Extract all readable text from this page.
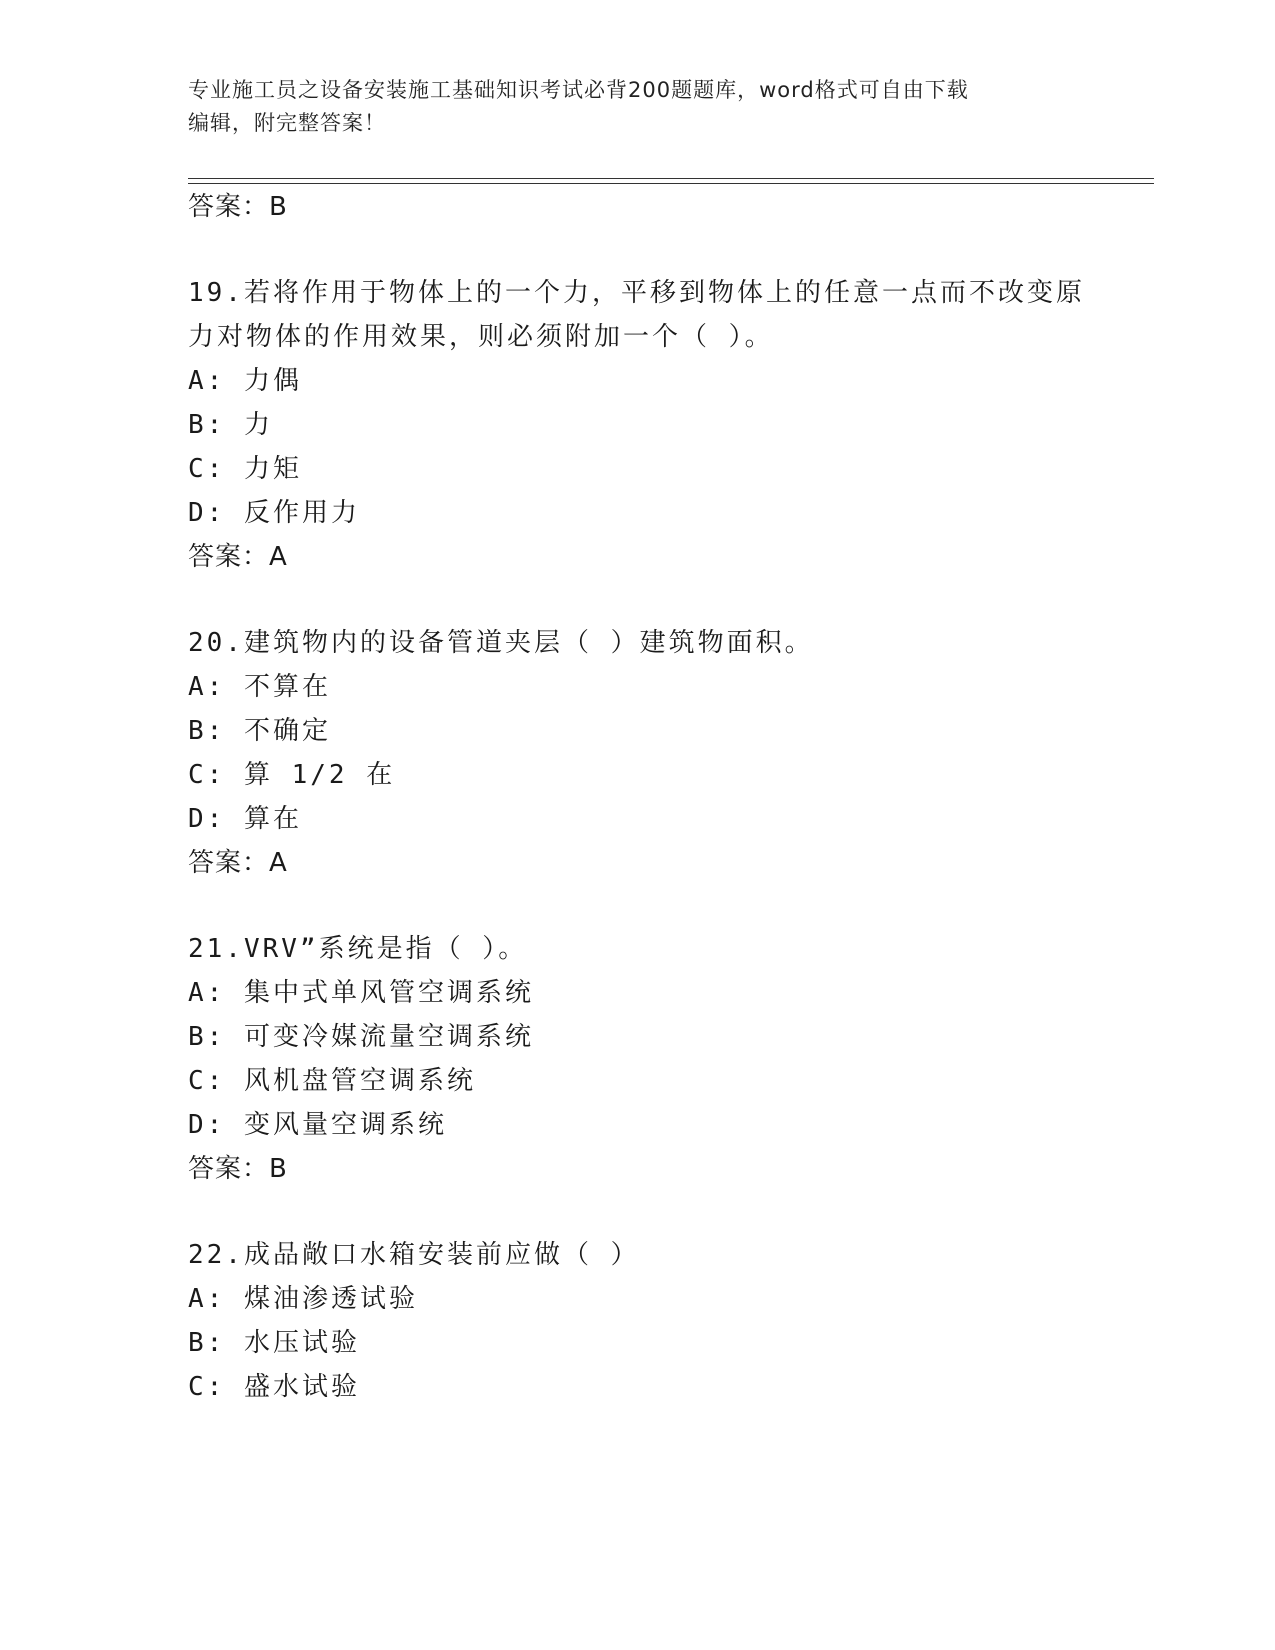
专业施工员之设备安装施工基础知识考试必背200题题库，word格式可自由下载
编辑，附完整答案！
答案：B
19.若将作用于物体上的一个力，平移到物体上的任意一点而不改变原
力对物体的作用效果，则必须附加一个（ ）。
A: 力偶
B: 力
C: 力矩
D: 反作用力
答案：A
20.建筑物内的设备管道夹层（ ）建筑物面积。
A: 不算在
B: 不确定
C: 算 1/2 在
D: 算在
答案：A
21.VRV”系统是指（ ）。
A: 集中式单风管空调系统
B: 可变冷媒流量空调系统
C: 风机盘管空调系统
D: 变风量空调系统
答案：B
22.成品敞口水箱安装前应做（ ）
A: 煤油渗透试验
B: 水压试验
C: 盛水试验
